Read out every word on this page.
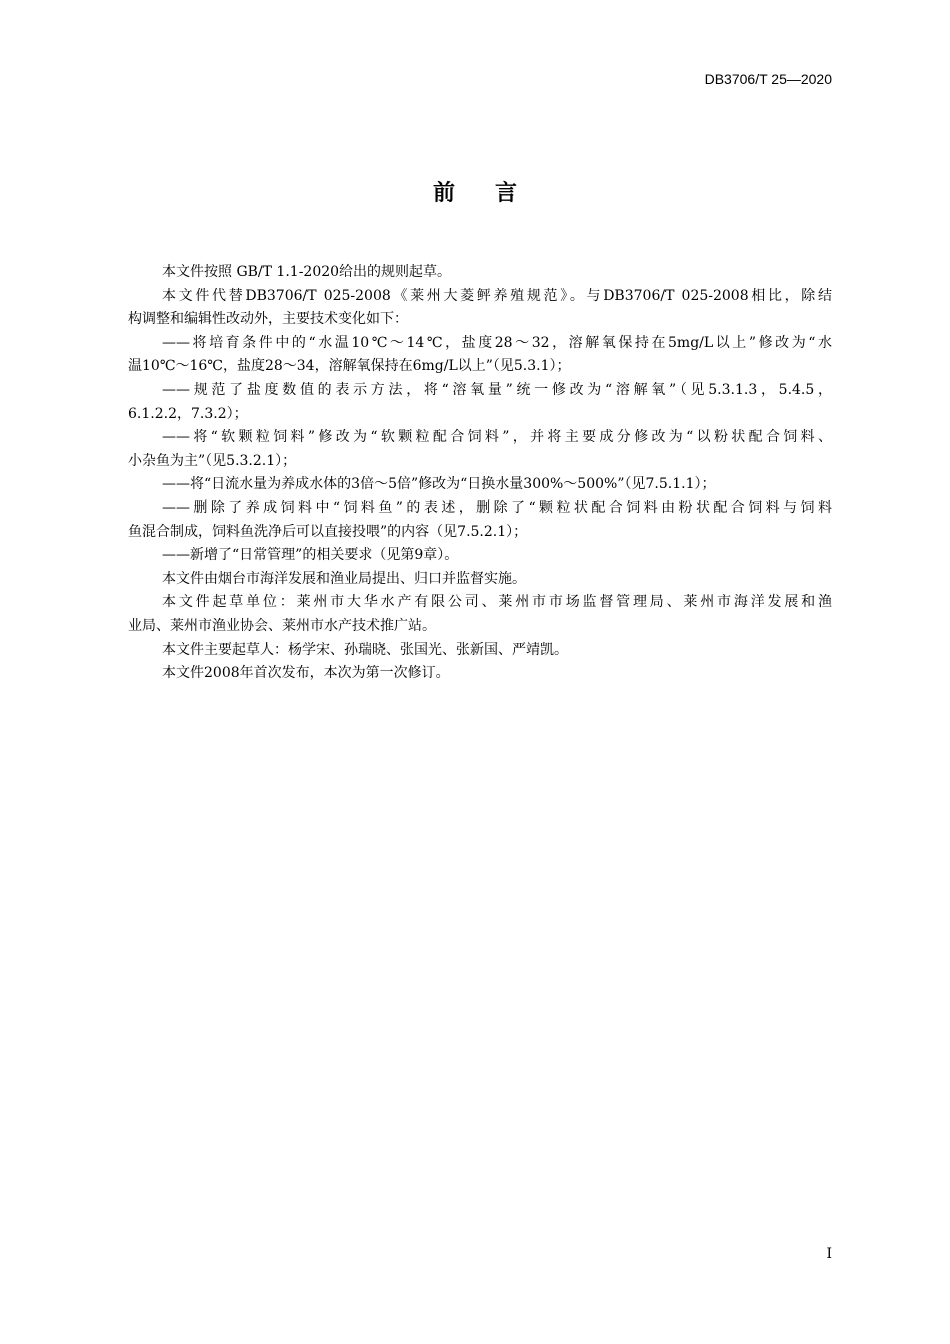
DB3706/T 25—2020
前言
本文件按照 GB/T 1.1-2020给出的规则起草。
本文件代替DB3706/T 025-2008《莱州大菱鲆养殖规范》。与DB3706/T 025-2008相比，除结
构调整和编辑性改动外，主要技术变化如下：
——将培育条件中的“水温10℃～14℃，盐度28～32，溶解氧保持在5mg/L以上”修改为“水
温10℃～16℃，盐度28～34，溶解氧保持在6mg/L以上”（见5.3.1）；
——规范了盐度数值的表示方法，将“溶氧量”统一修改为“溶解氧”（见5.3.1.3，5.4.5，
6.1.2.2，7.3.2）；
——将“软颗粒饲料”修改为“软颗粒配合饲料”，并将主要成分修改为“以粉状配合饲料、
小杂鱼为主”（见5.3.2.1）；
——将“日流水量为养成水体的3倍～5倍”修改为“日换水量300%～500%”（见7.5.1.1）；
——删除了养成饲料中“饲料鱼”的表述，删除了“颗粒状配合饲料由粉状配合饲料与饲料
鱼混合制成，饲料鱼洗净后可以直接投喂”的内容（见7.5.2.1）；
——新增了“日常管理”的相关要求（见第9章）。
本文件由烟台市海洋发展和渔业局提出、归口并监督实施。
本文件起草单位：莱州市大华水产有限公司、莱州市市场监督管理局、莱州市海洋发展和渔
业局、莱州市渔业协会、莱州市水产技术推广站。
本文件主要起草人：杨学宋、孙瑞晓、张国光、张新国、严靖凯。
本文件2008年首次发布，本次为第一次修订。
I
